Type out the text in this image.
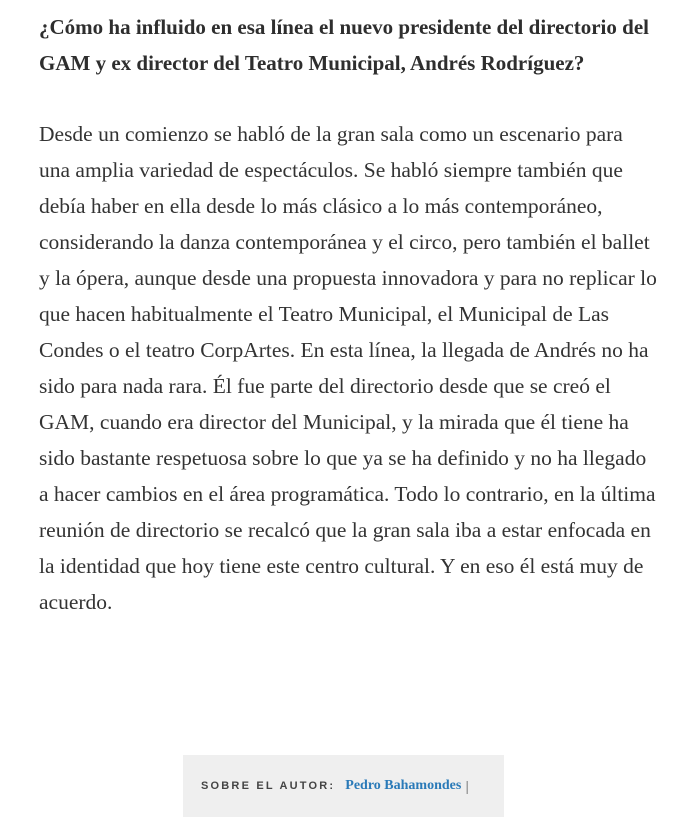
¿Cómo ha influido en esa línea el nuevo presidente del directorio del GAM y ex director del Teatro Municipal, Andrés Rodríguez?

Desde un comienzo se habló de la gran sala como un escenario para una amplia variedad de espectáculos. Se habló siempre también que debía haber en ella desde lo más clásico a lo más contemporáneo, considerando la danza contemporánea y el circo, pero también el ballet y la ópera, aunque desde una propuesta innovadora y para no replicar lo que hacen habitualmente el Teatro Municipal, el Municipal de Las Condes o el teatro CorpArtes. En esta línea, la llegada de Andrés no ha sido para nada rara. Él fue parte del directorio desde que se creó el GAM, cuando era director del Municipal, y la mirada que él tiene ha sido bastante respetuosa sobre lo que ya se ha definido y no ha llegado a hacer cambios en el área programática. Todo lo contrario, en la última reunión de directorio se recalcó que la gran sala iba a estar enfocada en la identidad que hoy tiene este centro cultural. Y en eso él está muy de acuerdo.

SOBRE EL AUTOR: Pedro Bahamondes |
